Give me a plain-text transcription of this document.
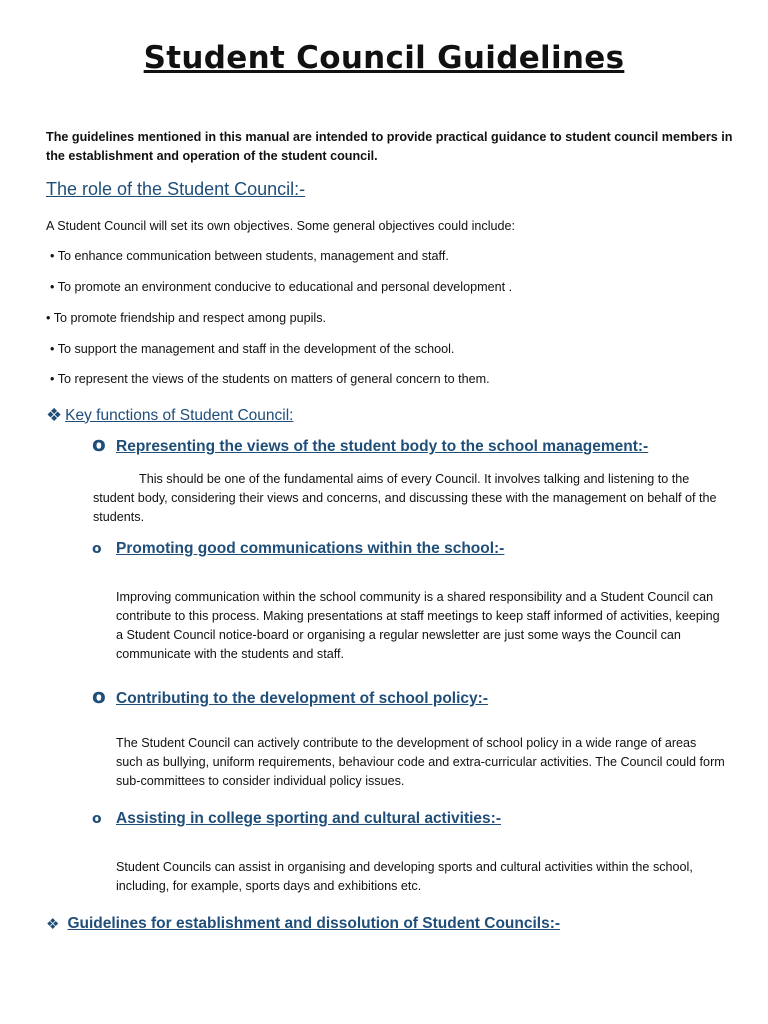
Student Council Guidelines

The guidelines mentioned in this manual are intended to provide practical guidance to student council members in the establishment and operation of the student council.

The role of the Student Council:-

A Student Council will set its own objectives. Some general objectives could include:

• To enhance communication between students, management and staff.

• To promote an environment conducive to educational and personal development .

• To promote friendship and respect among pupils.

• To support the management and staff in the development of the school.

• To represent the views of the students on matters of general concern to them.

❖ Key functions of Student Council:
o Representing the views of the student body to the school management:-

This should be one of the fundamental aims of every Council. It involves talking and listening to the student body, considering their views and concerns, and discussing these with the management on behalf of the students.

o Promoting good communications within the school:-

Improving communication within the school community is a shared responsibility and a Student Council can contribute to this process. Making presentations at staff meetings to keep staff informed of activities, keeping a Student Council notice-board or organising a regular newsletter are just some ways the Council can communicate with the students and staff.

o Contributing to the development of school policy:-

The Student Council can actively contribute to the development of school policy in a wide range of areas such as bullying, uniform requirements, behaviour code and extra-curricular activities. The Council could form sub-committees to consider individual policy issues.

o Assisting in college sporting and cultural activities:-

Student Councils can assist in organising and developing sports and cultural activities within the school, including, for example, sports days and exhibitions etc.

❖ Guidelines for establishment and dissolution of Student Councils:-
